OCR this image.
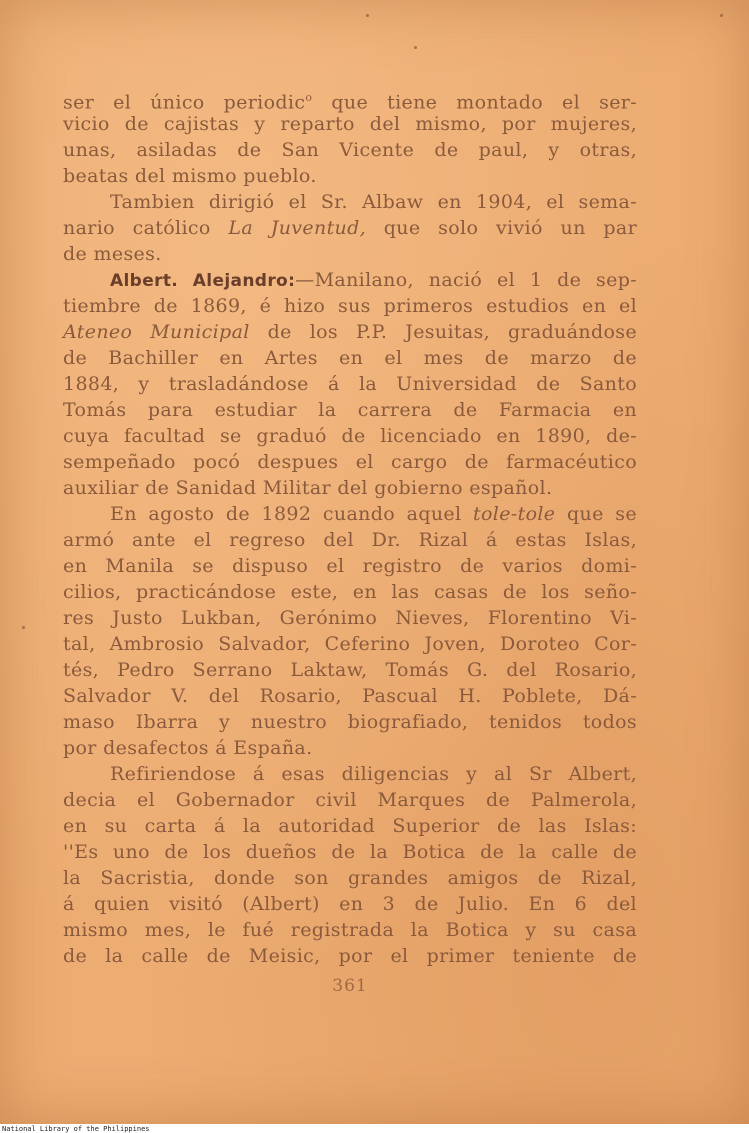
ser el único periodic$^o$ que tiene montado el ser-
vicio de cajistas y reparto del mismo, por mujeres,
unas, asiladas de San Vicente de paul, y otras,
beatas del mismo pueblo.
Tambien dirigió el Sr. Albaw en 1904, el sema-
nario católico La Juventud, que solo vivió un par
de meses.
Albert. Alejandro:—Manilano, nació el 1 de sep-
tiembre de 1869, é hizo sus primeros estudios en el
Ateneo Municipal de los P.P. Jesuitas, graduándose
de Bachiller en Artes en el mes de marzo de
1884, y trasladándose á la Universidad de Santo
Tomás para estudiar la carrera de Farmacia en
cuya facultad se graduó de licenciado en 1890, de-
sempeñado pocó despues el cargo de farmacéutico
auxiliar de Sanidad Militar del gobierno español.
En agosto de 1892 cuando aquel tole-tole que se
armó ante el regreso del Dr. Rizal á estas Islas,
en Manila se dispuso el registro de varios domi-
cilios, practicándose este, en las casas de los seño-
res Justo Lukban, Gerónimo Nieves, Florentino Vi-
tal, Ambrosio Salvador, Ceferino Joven, Doroteo Cor-
tés, Pedro Serrano Laktaw, Tomás G. del Rosario,
Salvador V. del Rosario, Pascual H. Poblete, Dá-
maso Ibarra y nuestro biografiado, tenidos todos
por desafectos á España.
Refiriendose á esas diligencias y al Sr Albert,
decia el Gobernador civil Marques de Palmerola,
en su carta á la autoridad Superior de las Islas:
''Es uno de los dueños de la Botica de la calle de
la Sacristia, donde son grandes amigos de Rizal,
á quien visitó (Albert) en 3 de Julio. En 6 del
mismo mes, le fué registrada la Botica y su casa
de la calle de Meisic, por el primer teniente de
361
National Library of the Philippines
